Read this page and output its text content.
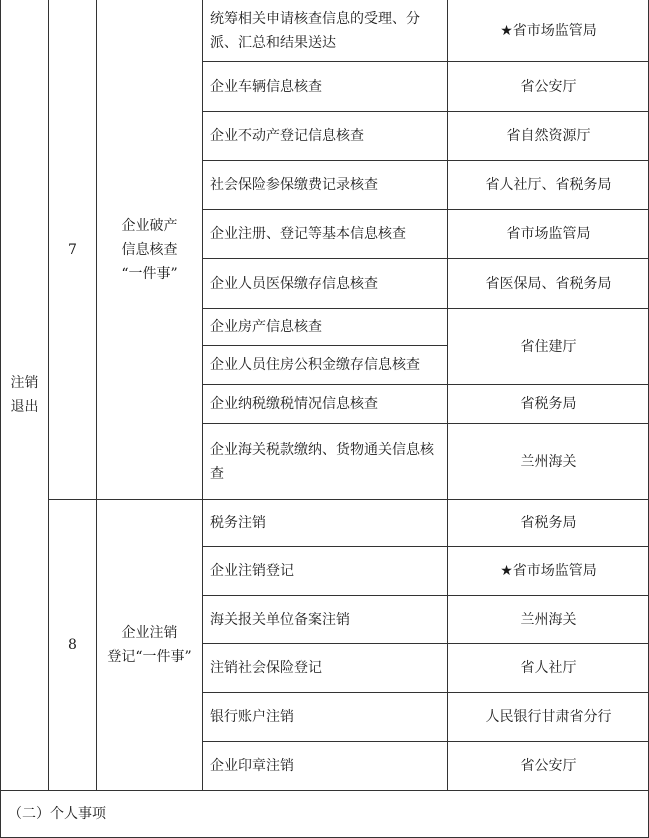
注销退出
7
企业破产
信息核查
“一件事”
统筹相关申请核查信息的受理、分派、汇总和结果送达
★
省市场监管局
企业车辆信息核查	省公安厅
企业不动产登记信息核查	省自然资源厅
社会保险参保缴费记录核查	省人社厅、省税务局
企业注册、登记等基本信息核查	省市场监管局
企业人员医保缴存信息核查	省医保局、省税务局
企业房产信息核查
企业人员住房公积金缴存信息核查
省住建厅
企业纳税缴税情况信息核查	省税务局
企业海关税款缴纳、货物通关信息核查
兰州海关
8
企业注销
登记“一件事”
税务注销	省税务局
企业注销登记
★	省市场监管局
海关报关单位备案注销	兰州海关
注销社会保险登记	省人社厅
银行账户注销	人民银行甘肃省分行
企业印章注销	省公安厅
（二）个人事项
